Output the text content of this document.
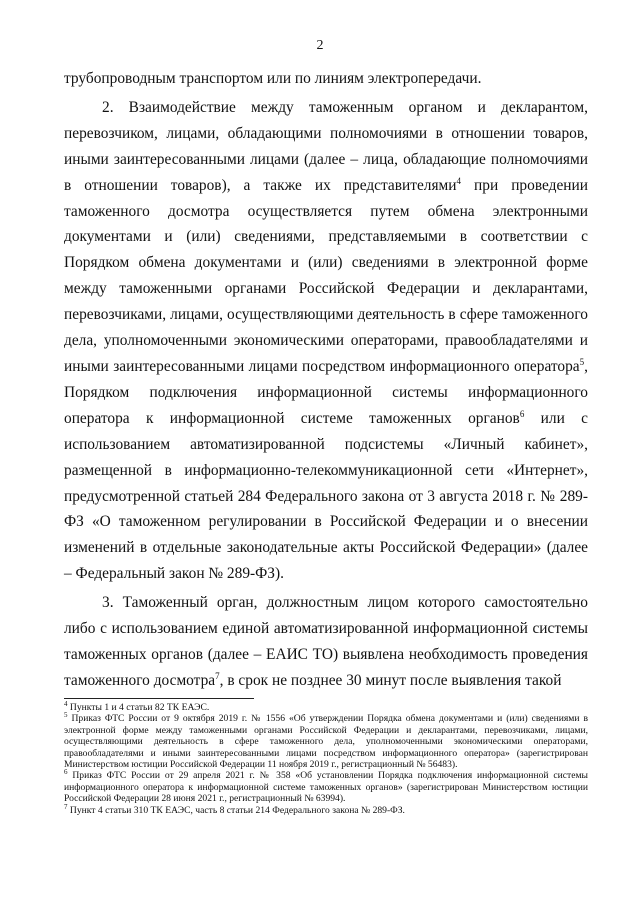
2

трубопроводным транспортом или по линиям электропередачи.

2. Взаимодействие между таможенным органом и декларантом, перевозчиком, лицами, обладающими полномочиями в отношении товаров, иными заинтересованными лицами (далее – лица, обладающие полномочиями в отношении товаров), а также их представителями$^4$ при проведении таможенного досмотра осуществляется путем обмена электронными документами и (или) сведениями, представляемыми в соответствии с Порядком обмена документами и (или) сведениями в электронной форме между таможенными органами Российской Федерации и декларантами, перевозчиками, лицами, осуществляющими деятельность в сфере таможенного дела, уполномоченными экономическими операторами, правообладателями и иными заинтересованными лицами посредством информационного оператора$^5$, Порядком подключения информационной системы информационного оператора к информационной системе таможенных органов$^6$ или с использованием автоматизированной подсистемы «Личный кабинет», размещенной в информационно-телекоммуникационной сети «Интернет», предусмотренной статьей 284 Федерального закона от 3 августа 2018 г. № 289-ФЗ «О таможенном регулировании в Российской Федерации и о внесении изменений в отдельные законодательные акты Российской Федерации» (далее – Федеральный закон № 289-ФЗ).

3. Таможенный орган, должностным лицом которого самостоятельно либо с использованием единой автоматизированной информационной системы таможенных органов (далее – ЕАИС ТО) выявлена необходимость проведения таможенного досмотра$^7$, в срок не позднее 30 минут после выявления такой

$^4$ Пункты 1 и 4 статьи 82 ТК ЕАЭС.

$^5$ Приказ ФТС России от 9 октября 2019 г. № 1556 «Об утверждении Порядка обмена документами и (или) сведениями в электронной форме между таможенными органами Российской Федерации и декларантами, перевозчиками, лицами, осуществляющими деятельность в сфере таможенного дела, уполномоченными экономическими операторами, правообладателями и иными заинтересованными лицами посредством информационного оператора» (зарегистрирован Министерством юстиции Российской Федерации 11 ноября 2019 г., регистрационный № 56483).

$^6$ Приказ ФТС России от 29 апреля 2021 г. № 358 «Об установлении Порядка подключения информационной системы информационного оператора к информационной системе таможенных органов» (зарегистрирован Министерством юстиции Российской Федерации 28 июня 2021 г., регистрационный № 63994).

$^7$ Пункт 4 статьи 310 ТК ЕАЭС, часть 8 статьи 214 Федерального закона № 289-ФЗ.
